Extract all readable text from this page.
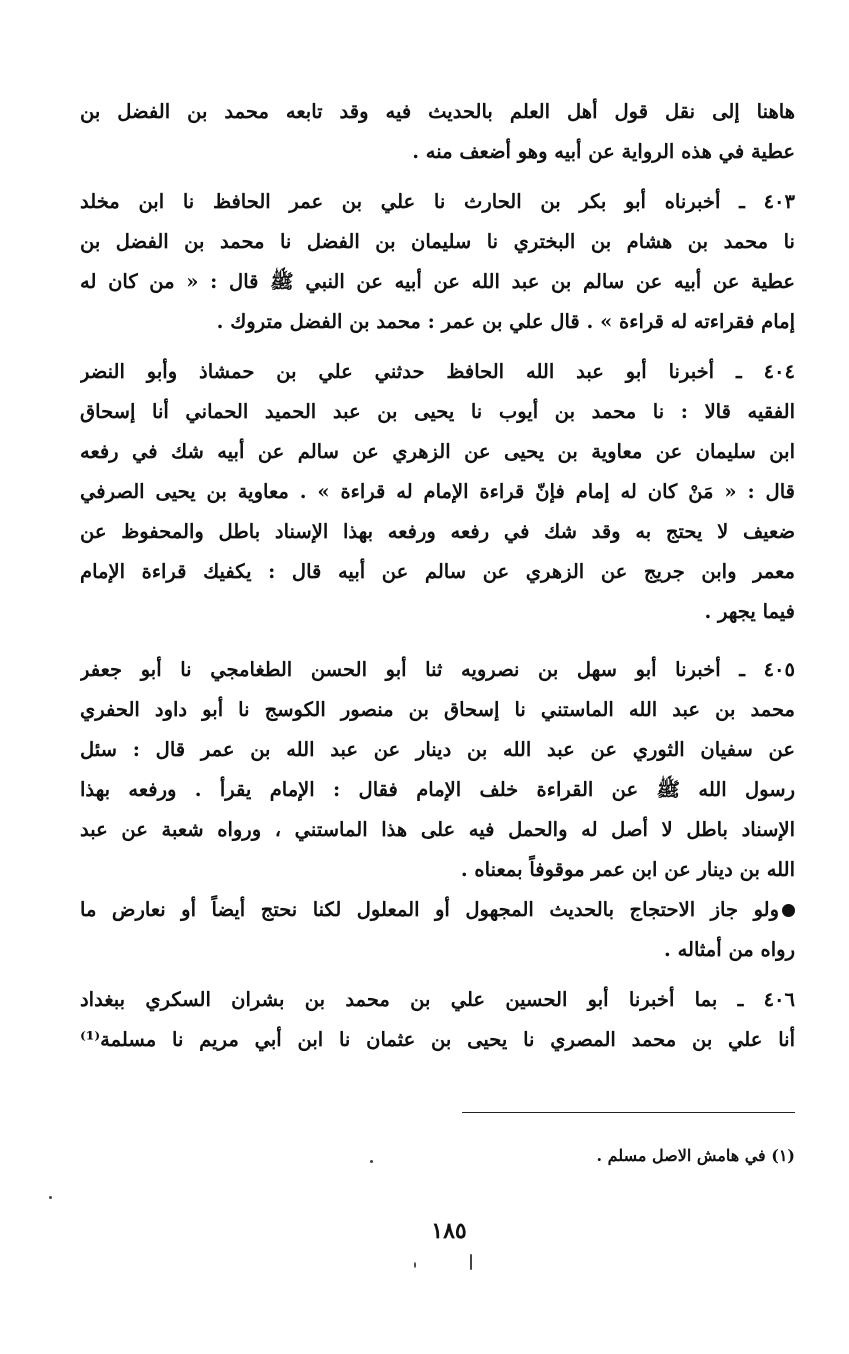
هاهنا إلى نقل قول أهل العلم بالحديث فيه وقد تابعه محمد بن الفضل بن
عطية في هذه الرواية عن أبيه وهو أضعف منه .
٤٠٣ ـ أخبرناه أبو بكر بن الحارث نا علي بن عمر الحافظ نا ابن مخلد
نا محمد بن هشام بن البختري نا سليمان بن الفضل نا محمد بن الفضل بن
عطية عن أبيه عن سالم بن عبد الله عن أبيه عن النبي ﷺ قال : « من كان له
إمام فقراءته له قراءة » . قال علي بن عمر : محمد بن الفضل متروك .
٤٠٤ ـ أخبرنا أبو عبد الله الحافظ حدثني علي بن حمشاذ وأبو النضر
الفقيه قالا : نا محمد بن أيوب نا يحيى بن عبد الحميد الحماني أنا إسحاق
ابن سليمان عن معاوية بن يحيى عن الزهري عن سالم عن أبيه شك في رفعه
قال : « مَنْ كان له إمام فإنّ قراءة الإمام له قراءة » . معاوية بن يحيى الصرفي
ضعيف لا يحتج به وقد شك في رفعه ورفعه بهذا الإسناد باطل والمحفوظ عن
معمر وابن جريج عن الزهري عن سالم عن أبيه قال : يكفيك قراءة الإمام
فيما يجهر .
٤٠٥ ـ أخبرنا أبو سهل بن نصرويه ثنا أبو الحسن الطغامجي نا أبو جعفر
محمد بن عبد الله الماستني نا إسحاق بن منصور الكوسج نا أبو داود الحفري
عن سفيان الثوري عن عبد الله بن دينار عن عبد الله بن عمر قال : سئل
رسول الله ﷺ عن القراءة خلف الإمام فقال : الإمام يقرأ . ورفعه بهذا
الإسناد باطل لا أصل له والحمل فيه على هذا الماستني ، ورواه شعبة عن عبد
الله بن دينار عن ابن عمر موقوفاً بمعناه .
ولو جاز الاحتجاج بالحديث المجهول أو المعلول لكنا نحتج أيضاً أو نعارض ما
رواه من أمثاله .
٤٠٦ ـ بما أخبرنا أبو الحسين علي بن محمد بن بشران السكري ببغداد
أنا علي بن محمد المصري نا يحيى بن عثمان نا ابن أبي مريم نا مسلمة⁽¹⁾
(١) في هامش الاصل مسلم .
١٨٥
